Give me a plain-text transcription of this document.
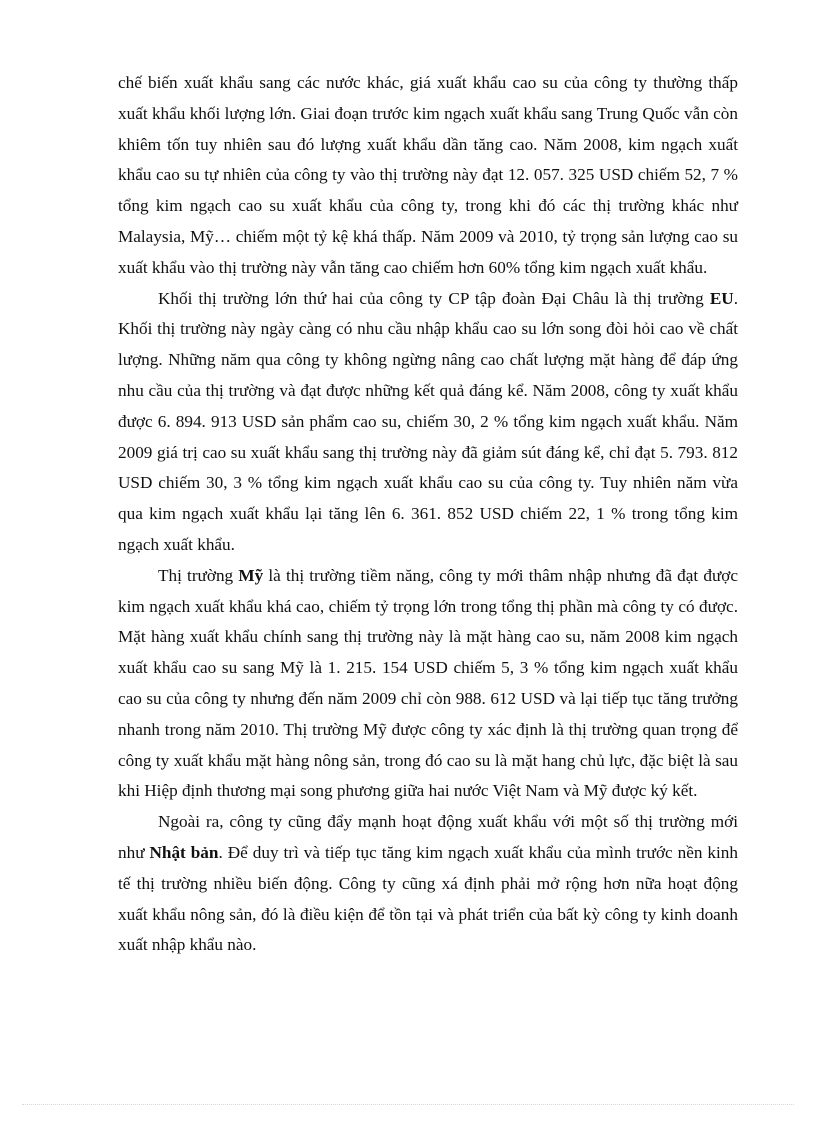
chế biến xuất khẩu sang các nước khác, giá xuất khẩu cao su của công ty thường thấp xuất khẩu khối lượng lớn. Giai đoạn trước kim ngạch xuất khẩu sang Trung Quốc vẫn còn khiêm tốn tuy nhiên sau đó lượng xuất khẩu dần tăng cao. Năm 2008, kim ngạch xuất khẩu cao su tự nhiên của công ty vào thị trường này đạt 12. 057. 325 USD chiếm 52, 7 % tổng kim ngạch cao su xuất khẩu của công ty, trong khi đó các thị trường khác như Malaysia, Mỹ… chiếm một tỷ kệ khá thấp. Năm 2009 và 2010, tỷ trọng sản lượng cao su xuất khẩu vào thị trường này vẫn tăng cao chiếm hơn 60% tổng kim ngạch xuất khẩu.

Khối thị trường lớn thứ hai của công ty CP tập đoàn Đại Châu là thị trường EU. Khối thị trường này ngày càng có nhu cầu nhập khẩu cao su lớn song đòi hỏi cao về chất lượng. Những năm qua công ty không ngừng nâng cao chất lượng mặt hàng để đáp ứng nhu cầu của thị trường và đạt được những kết quả đáng kể. Năm 2008, công ty xuất khẩu được 6. 894. 913 USD sản phẩm cao su, chiếm 30, 2 % tổng kim ngạch xuất khẩu. Năm 2009 giá trị cao su xuất khẩu sang thị trường này đã giảm sút đáng kể, chỉ đạt 5. 793. 812 USD chiếm 30, 3 % tổng kim ngạch xuất khẩu cao su của công ty. Tuy nhiên năm vừa qua kim ngạch xuất khẩu lại tăng lên 6. 361. 852 USD chiếm 22, 1 % trong tổng kim ngạch xuất khẩu.

Thị trường Mỹ là thị trường tiềm năng, công ty mới thâm nhập nhưng đã đạt được kim ngạch xuất khẩu khá cao, chiếm tỷ trọng lớn trong tổng thị phần mà công ty có được. Mặt hàng xuất khẩu chính sang thị trường này là mặt hàng cao su, năm 2008 kim ngạch xuất khẩu cao su sang Mỹ là 1. 215. 154 USD chiếm 5, 3 % tổng kim ngạch xuất khẩu cao su của công ty nhưng đến năm 2009 chỉ còn 988. 612 USD và lại tiếp tục tăng trưởng nhanh trong năm 2010. Thị trường Mỹ được công ty xác định là thị trường quan trọng để công ty xuất khẩu mặt hàng nông sản, trong đó cao su là mặt hang chủ lực, đặc biệt là sau khi Hiệp định thương mại song phương giữa hai nước Việt Nam và Mỹ được ký kết.

Ngoài ra, công ty cũng đẩy mạnh hoạt động xuất khẩu với một số thị trường mới như Nhật bản. Để duy trì và tiếp tục tăng kim ngạch xuất khẩu của mình trước nền kinh tế thị trường nhiều biến động. Công ty cũng xá định phải mở rộng hơn nữa hoạt động xuất khẩu nông sản, đó là điều kiện để tồn tại và phát triển của bất kỳ công ty kinh doanh xuất nhập khẩu nào.
